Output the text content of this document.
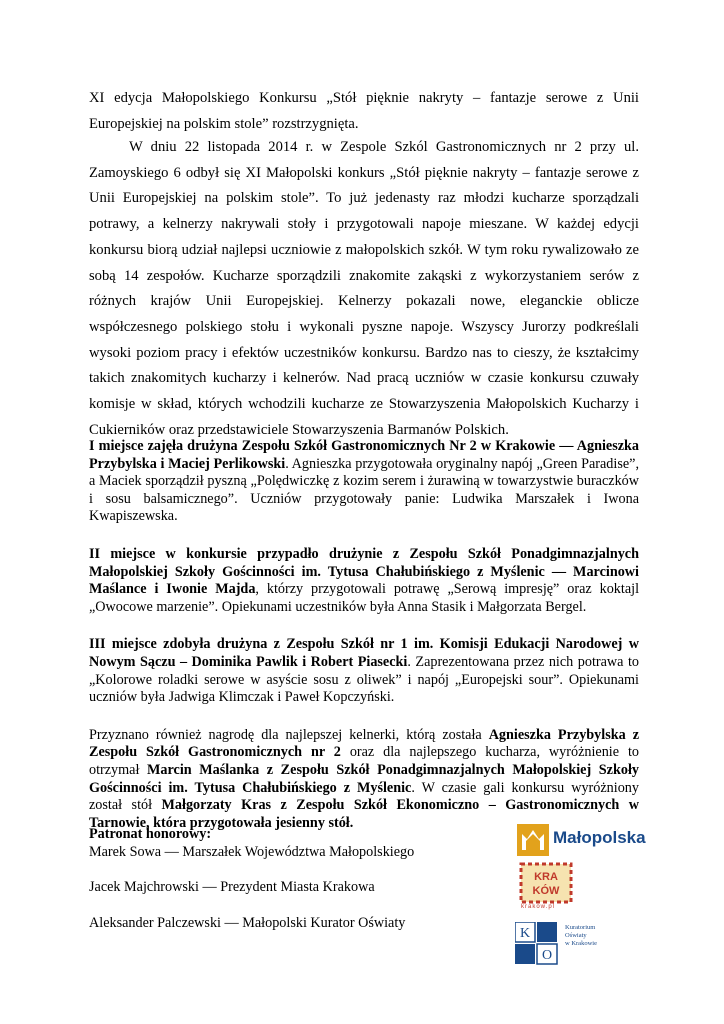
XI edycja Małopolskiego Konkursu „Stół pięknie nakryty – fantazje serowe z Unii Europejskiej na polskim stole” rozstrzygnięta.

W dniu 22 listopada 2014 r. w Zespole Szkól Gastronomicznych nr 2 przy ul. Zamoyskiego 6 odbył się XI Małopolski konkurs „Stół pięknie nakryty – fantazje serowe z Unii Europejskiej na polskim stole”. To już jedenasty raz młodzi kucharze sporządzali potrawy, a kelnerzy nakrywali stoły i przygotowali napoje mieszane. W każdej edycji konkursu biorą udział najlepsi uczniowie z małopolskich szkół. W tym roku rywalizowało ze sobą 14 zespołów. Kucharze sporządzili znakomite zakąski z wykorzystaniem serów z różnych krajów Unii Europejskiej. Kelnerzy pokazali nowe, eleganckie oblicze współczesnego polskiego stołu i wykonali pyszne napoje. Wszyscy Jurorzy podkreślali wysoki poziom pracy i efektów uczestników konkursu. Bardzo nas to cieszy, że kształcimy takich znakomitych kucharzy i kelnerów. Nad pracą uczniów w czasie konkursu czuwały komisje w skład, których wchodzili kucharze ze Stowarzyszenia Małopolskich Kucharzy i Cukierników oraz przedstawiciele Stowarzyszenia Barmanów Polskich.

I miejsce zajęła drużyna Zespołu Szkół Gastronomicznych Nr 2 w Krakowie — Agnieszka Przybylska i Maciej Perlikowski. Agnieszka przygotowała oryginalny napój „Green Paradise”, a Maciek sporządził pyszną „Polędwiczkę z kozim serem i żurawiną w towarzystwie buraczków i sosu balsamicznego”. Uczniów przygotowały panie: Ludwika Marszałek i Iwona Kwapiszewska.

II miejsce w konkursie przypadło drużynie z Zespołu Szkół Ponadgimnazjalnych Małopolskiej Szkoły Gościnności im. Tytusa Chałubińskiego z Myślenic — Marcinowi Maślance i Iwonie Majda, którzy przygotowali potrawę „Serową impresję” oraz koktajl „Owocowe marzenie”. Opiekunami uczestników była Anna Stasik i Małgorzata Bergel.

III miejsce zdobyła drużyna z Zespołu Szkół nr 1 im. Komisji Edukacji Narodowej w Nowym Sączu – Dominika Pawlik i Robert Piasecki. Zaprezentowana przez nich potrawa to „Kolorowe roladki serowe w asyście sosu z oliwek” i napój „Europejski sour”. Opiekunami uczniów była Jadwiga Klimczak i Paweł Kopczyński.

Przyznano również nagrodę dla najlepszej kelnerki, którą została Agnieszka Przybylska z Zespołu Szkół Gastronomicznych nr 2 oraz dla najlepszego kucharza, wyróżnienie to otrzymał Marcin Maślanka z Zespołu Szkół Ponadgimnazjalnych Małopolskiej Szkoły Gościnności im. Tytusa Chałubińskiego z Myślenic. W czasie gali konkursu wyróżniony został stół Małgorzaty Kras z Zespołu Szkół Ekonomiczno – Gastronomicznych w Tarnowie, która przygotowała jesienny stół.

Patronat honorowy:
Marek Sowa — Marszałek Województwa Małopolskiego
Jacek Majchrowski — Prezydent Miasta Krakowa
Aleksander Palczewski — Małopolski Kurator Oświaty
Małopolska
KRA
KÓW
krakow.pl
K
O
Kuratorium
Oświaty
w Krakowie
